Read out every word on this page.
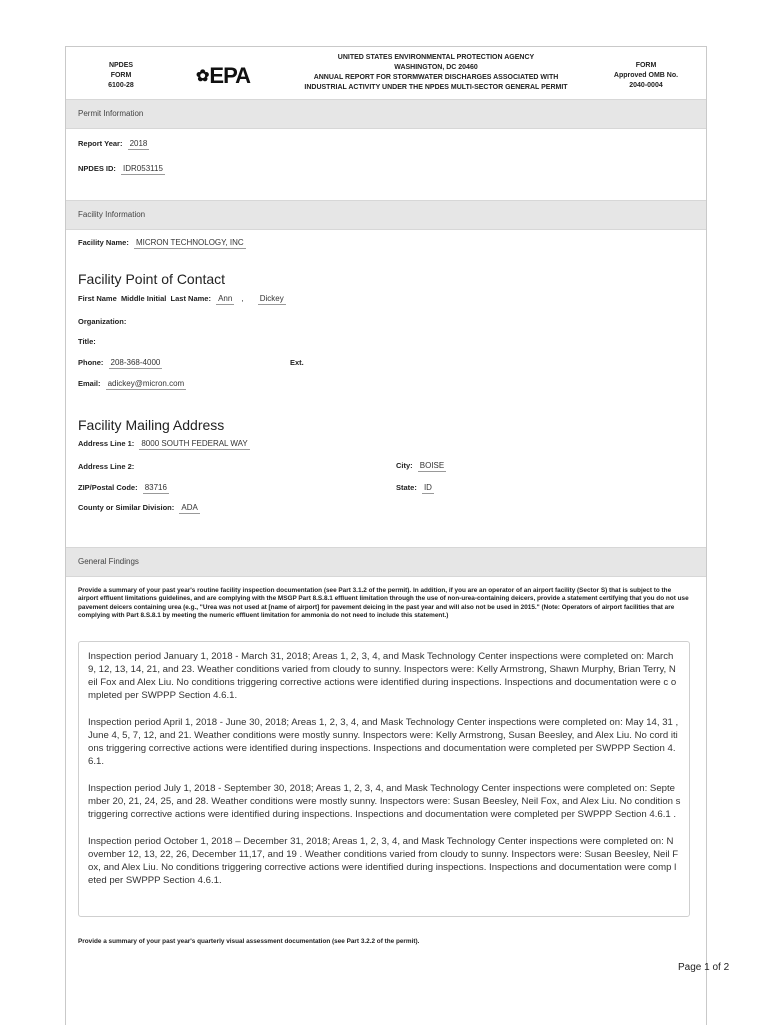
NPDES
FORM
6100-28
✿EPA
UNITED STATES ENVIRONMENTAL PROTECTION AGENCY
WASHINGTON, DC 20460
ANNUAL REPORT FOR STORMWATER DISCHARGES ASSOCIATED WITH
INDUSTRIAL ACTIVITY UNDER THE NPDES MULTI-SECTOR GENERAL PERMIT
FORM
Approved OMB No.
2040-0004
Permit Information
Report Year: 2018
NPDES ID: IDR053115
Facility Information
Facility Name: MICRON TECHNOLOGY, INC
Facility Point of Contact
First Name Middle Initial Last Name: Ann , Dickey
Organization:
Title:
Phone: 208-368-4000	Ext.
Email: adickey@micron.com
Facility Mailing Address
Address Line 1: 8000 SOUTH FEDERAL WAY
Address Line 2:	City: BOISE
ZIP/Postal Code: 83716	State: ID
County or Similar Division: ADA
General Findings
Provide a summary of your past year's routine facility inspection documentation (see Part 3.1.2 of the permit). In addition, if you are an operator of an airport facility (Sector S) that is subject to the airport effluent limitations guidelines, and are complying with the MSGP Part 8.S.8.1 effluent limitation through the use of non-urea-containing deicers, provide a statement certifying that you do not use pavement deicers containing urea (e.g., "Urea was not used at [name of airport] for pavement deicing in the past year and will also not be used in 2015." (Note: Operators of airport facilities that are complying with Part 8.S.8.1 by meeting the numeric effluent limitation for ammonia do not need to include this statement.)

Inspection period January 1, 2018 - March 31, 2018; Areas 1, 2, 3, 4, and Mask Technology Center inspections were completed on: March 9, 12, 13, 14, 21, and 23. Weather conditions varied from cloudy to sunny. Inspectors were: Kelly Armstrong, Shawn Murphy, Brian Terry, Neil Fox and Alex Liu. No conditions triggering corrective actions were identified during inspections. Inspections and documentation were c ompleted per SWPPP Section 4.6.1.

Inspection period April 1, 2018 - June 30, 2018; Areas 1, 2, 3, 4, and Mask Technology Center inspections were completed on: May 14, 31 , June 4, 5, 7, 12, and 21. Weather conditions were mostly sunny. Inspectors were: Kelly Armstrong, Susan Beesley, and Alex Liu. No cord itions triggering corrective actions were identified during inspections. Inspections and documentation were completed per SWPPP Section 4.6.1.

Inspection period July 1, 2018 - September 30, 2018; Areas 1, 2, 3, 4, and Mask Technology Center inspections were completed on: Septe mber 20, 21, 24, 25, and 28. Weather conditions were mostly sunny. Inspectors were: Susan Beesley, Neil Fox, and Alex Liu. No condition s triggering corrective actions were identified during inspections. Inspections and documentation were completed per SWPPP Section 4.6.1 .

Inspection period October 1, 2018 – December 31, 2018; Areas 1, 2, 3, 4, and Mask Technology Center inspections were completed on: N ovember 12, 13, 22, 26, December 11,17, and 19 . Weather conditions varied from cloudy to sunny. Inspectors were: Susan Beesley, Neil Fox, and Alex Liu. No conditions triggering corrective actions were identified during inspections. Inspections and documentation were comp leted per SWPPP Section 4.6.1.

Provide a summary of your past year's quarterly visual assessment documentation (see Part 3.2.2 of the permit).
Page 1 of 2
